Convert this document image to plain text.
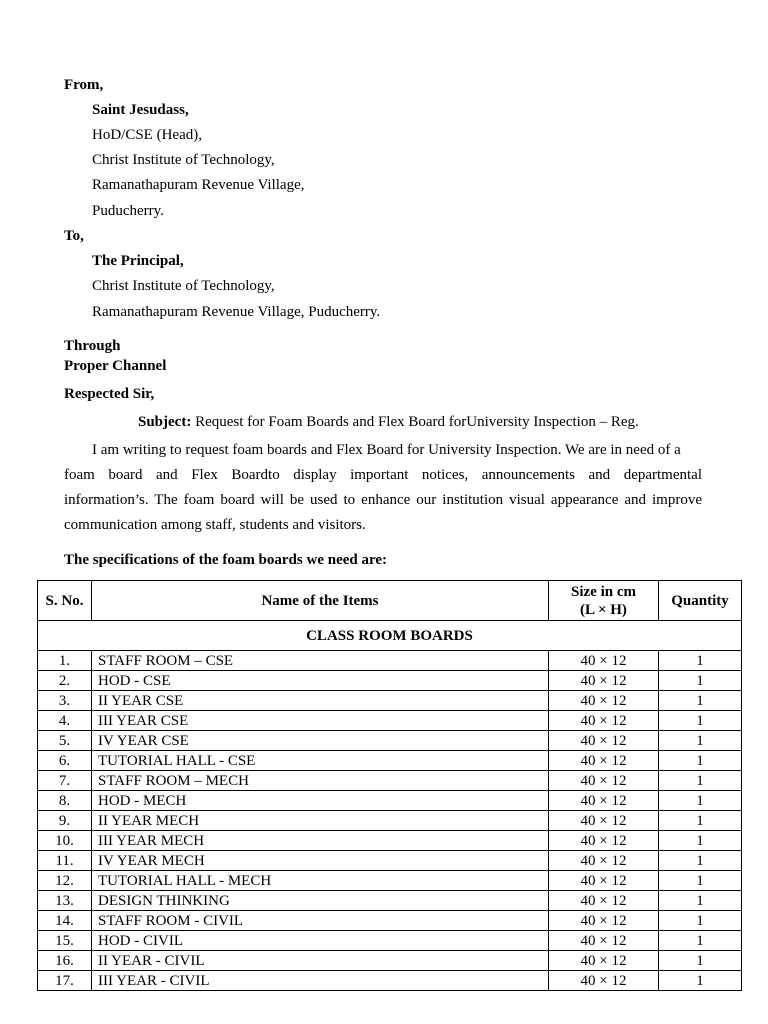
From,
Saint Jesudass,
HoD/CSE (Head),
Christ Institute of Technology,
Ramanathapuram Revenue Village,
Puducherry.
To,
The Principal,
Christ Institute of Technology,
Ramanathapuram Revenue Village, Puducherry.
Through
Proper Channel
Respected Sir,
Subject: Request for Foam Boards and Flex Board forUniversity Inspection – Reg.
I am writing to request foam boards and Flex Board for University Inspection. We are in need of a
foam board and Flex Boardto display important notices, announcements and departmental
information’s. The foam board will be used to enhance our institution visual appearance and improve
communication among staff, students and visitors.
The specifications of the foam boards we need are:
S. No.	Name of the Items	Size in cm
(L × H)	Quantity
CLASS ROOM BOARDS			
1.	STAFF ROOM – CSE	40 × 12	1
2.	HOD - CSE	40 × 12	1
3.	II YEAR CSE	40 × 12	1
4.	III YEAR CSE	40 × 12	1
5.	IV YEAR CSE	40 × 12	1
6.	TUTORIAL HALL - CSE	40 × 12	1
7.	STAFF ROOM – MECH	40 × 12	1
8.	HOD - MECH	40 × 12	1
9.	II YEAR MECH	40 × 12	1
10.	III YEAR MECH	40 × 12	1
11.	IV YEAR MECH	40 × 12	1
12.	TUTORIAL HALL - MECH	40 × 12	1
13.	DESIGN THINKING	40 × 12	1
14.	STAFF ROOM - CIVIL	40 × 12	1
15.	HOD - CIVIL	40 × 12	1
16.	II YEAR - CIVIL	40 × 12	1
17.	III YEAR - CIVIL	40 × 12	1
